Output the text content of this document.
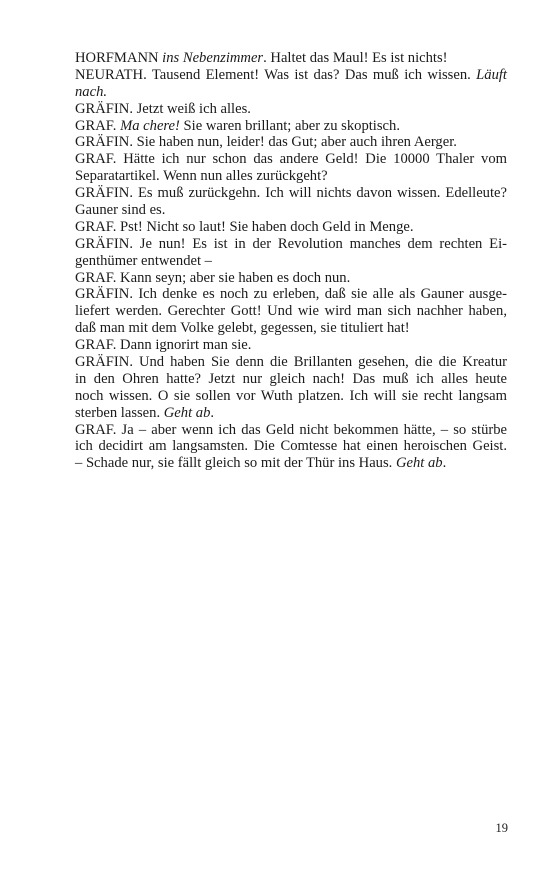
HORFMANN ins Nebenzimmer. Haltet das Maul! Es ist nichts!
NEURATH. Tausend Element! Was ist das? Das muß ich wissen. Läuft
nach.
GRÄFIN. Jetzt weiß ich alles.
GRAF. Ma chere! Sie waren brillant; aber zu skoptisch.
GRÄFIN. Sie haben nun, leider! das Gut; aber auch ihren Aerger.
GRAF. Hätte ich nur schon das andere Geld! Die 10000 Thaler vom
Separatartikel. Wenn nun alles zurückgeht?
GRÄFIN. Es muß zurückgehn. Ich will nichts davon wissen. Edelleute?
Gauner sind es.
GRAF. Pst! Nicht so laut! Sie haben doch Geld in Menge.
GRÄFIN. Je nun! Es ist in der Revolution manches dem rechten Ei-
genthümer entwendet –
GRAF. Kann seyn; aber sie haben es doch nun.
GRÄFIN. Ich denke es noch zu erleben, daß sie alle als Gauner ausge-
liefert werden. Gerechter Gott! Und wie wird man sich nachher haben,
daß man mit dem Volke gelebt, gegessen, sie tituliert hat!
GRAF. Dann ignorirt man sie.
GRÄFIN. Und haben Sie denn die Brillanten gesehen, die die Kreatur
in den Ohren hatte? Jetzt nur gleich nach! Das muß ich alles heute
noch wissen. O sie sollen vor Wuth platzen. Ich will sie recht langsam
sterben lassen. Geht ab.
GRAF. Ja – aber wenn ich das Geld nicht bekommen hätte, – so stürbe
ich decidirt am langsamsten. Die Comtesse hat einen heroischen Geist.
– Schade nur, sie fällt gleich so mit der Thür ins Haus. Geht ab.
19
